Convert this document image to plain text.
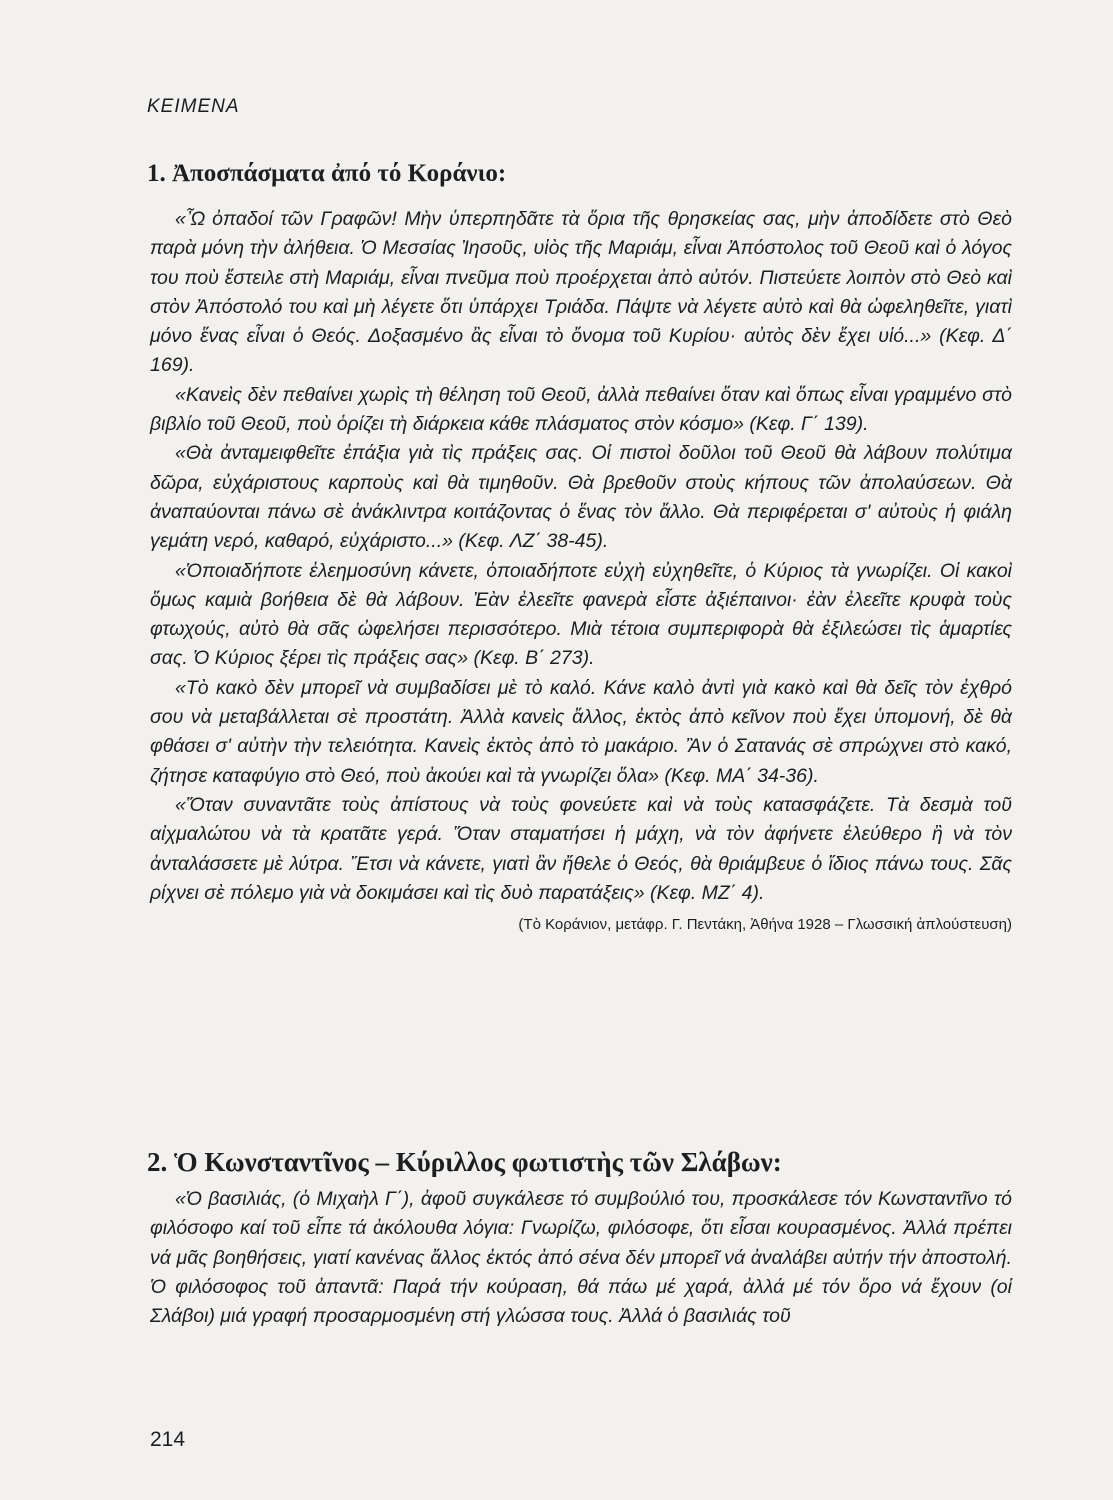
ΚΕΙΜΕΝΑ
1. Ἀποσπάσματα ἀπό τό Κοράνιο:

«Ὦ ὀπαδοί τῶν Γραφῶν! Μὴν ὑπερπηδᾶτε τὰ ὅρια τῆς θρησκείας σας, μὴν ἀποδίδετε στὸ Θεὸ παρὰ μόνη τὴν ἀλήθεια. Ὁ Μεσσίας Ἰησοῦς, υἱὸς τῆς Μαριάμ, εἶναι Ἀπόστολος τοῦ Θεοῦ καὶ ὁ λόγος του ποὺ ἔστειλε στὴ Μαριάμ, εἶναι πνεῦμα ποὺ προέρχεται ἀπὸ αὐτόν. Πιστεύετε λοιπὸν στὸ Θεὸ καὶ στὸν Ἀπόστολό του καὶ μὴ λέγετε ὅτι ὑπάρχει Τριάδα. Πάψτε νὰ λέγετε αὐτὸ καὶ θὰ ὠφεληθεῖτε, γιατὶ μόνο ἕνας εἶναι ὁ Θεός. Δοξασμένο ἂς εἶναι τὸ ὄνομα τοῦ Κυρίου· αὐτὸς δὲν ἔχει υἱό...» (Κεφ. Δ΄ 169).

«Κανεὶς δὲν πεθαίνει χωρὶς τὴ θέληση τοῦ Θεοῦ, ἀλλὰ πεθαίνει ὅταν καὶ ὅπως εἶναι γραμμένο στὸ βιβλίο τοῦ Θεοῦ, ποὺ ὁρίζει τὴ διάρκεια κάθε πλάσματος στὸν κόσμο» (Κεφ. Γ΄ 139).

«Θὰ ἀνταμειφθεῖτε ἐπάξια γιὰ τὶς πράξεις σας. Οἱ πιστοὶ δοῦλοι τοῦ Θεοῦ θὰ λάβουν πολύτιμα δῶρα, εὐχάριστους καρποὺς καὶ θὰ τιμηθοῦν. Θὰ βρεθοῦν στοὺς κήπους τῶν ἀπολαύσεων. Θὰ ἀναπαύονται πάνω σὲ ἀνάκλιντρα κοιτάζοντας ὁ ἕνας τὸν ἄλλο. Θὰ περιφέρεται σ' αὐτοὺς ἡ φιάλη γεμάτη νερό, καθαρό, εὐχάριστο...» (Κεφ. ΛΖ΄ 38-45).

«Ὁποιαδήποτε ἐλεημοσύνη κάνετε, ὁποιαδήποτε εὐχὴ εὐχηθεῖτε, ὁ Κύριος τὰ γνωρίζει. Οἱ κακοὶ ὅμως καμιὰ βοήθεια δὲ θὰ λάβουν. Ἐὰν ἐλεεῖτε φανερὰ εἶστε ἀξιέπαινοι· ἐὰν ἐλεεῖτε κρυφὰ τοὺς φτωχούς, αὐτὸ θὰ σᾶς ὠφελήσει περισσότερο. Μιὰ τέτοια συμπεριφορὰ θὰ ἐξιλεώσει τὶς ἁμαρτίες σας. Ὁ Κύριος ξέρει τὶς πράξεις σας» (Κεφ. Β΄ 273).

«Τὸ κακὸ δὲν μπορεῖ νὰ συμβαδίσει μὲ τὸ καλό. Κάνε καλὸ ἀντὶ γιὰ κακὸ καὶ θὰ δεῖς τὸν ἐχθρό σου νὰ μεταβάλλεται σὲ προστάτη. Ἀλλὰ κανεὶς ἄλλος, ἐκτὸς ἀπὸ κεῖνον ποὺ ἔχει ὑπομονή, δὲ θὰ φθάσει σ' αὐτὴν τὴν τελειότητα. Κανεὶς ἐκτὸς ἀπὸ τὸ μακάριο. Ἂν ὁ Σατανάς σὲ σπρώχνει στὸ κακό, ζήτησε καταφύγιο στὸ Θεό, ποὺ ἀκούει καὶ τὰ γνωρίζει ὅλα» (Κεφ. ΜΑ΄ 34-36).

«Ὅταν συναντᾶτε τοὺς ἀπίστους νὰ τοὺς φονεύετε καὶ νὰ τοὺς κατασφάζετε. Τὰ δεσμὰ τοῦ αἰχμαλώτου νὰ τὰ κρατᾶτε γερά. Ὅταν σταματήσει ἡ μάχη, νὰ τὸν ἀφήνετε ἐλεύθερο ἢ νὰ τὸν ἀνταλάσσετε μὲ λύτρα. Ἔτσι νὰ κάνετε, γιατὶ ἂν ἤθελε ὁ Θεός, θὰ θριάμβευε ὁ ἴδιος πάνω τους. Σᾶς ρίχνει σὲ πόλεμο γιὰ νὰ δοκιμάσει καὶ τὶς δυὸ παρατάξεις» (Κεφ. ΜΖ΄ 4).

(Τὸ Κοράνιον, μετάφρ. Γ. Πεντάκη, Ἀθήνα 1928 – Γλωσσική ἁπλούστευση)

2. Ὁ Κωνσταντῖνος – Κύριλλος φωτιστὴς τῶν Σλάβων:

«Ὁ βασιλιάς, (ὁ Μιχαὴλ Γ΄), ἀφοῦ συγκάλεσε τό συμβούλιό του, προσκάλεσε τόν Κωνσταντῖνο τό φιλόσοφο καί τοῦ εἶπε τά ἀκόλουθα λόγια: Γνωρίζω, φιλόσοφε, ὅτι εἶσαι κουρασμένος. Ἀλλά πρέπει νά μᾶς βοηθήσεις, γιατί κανένας ἄλλος ἐκτός ἀπό σένα δέν μπορεῖ νά ἀναλάβει αὐτήν τήν ἀποστολή. Ὁ φιλόσοφος τοῦ ἀπαντᾶ: Παρά τήν κούραση, θά πάω μέ χαρά, ἀλλά μέ τόν ὅρο νά ἔχουν (οἱ Σλάβοι) μιά γραφή προσαρμοσμένη στή γλώσσα τους. Ἀλλά ὁ βασιλιάς τοῦ

214
